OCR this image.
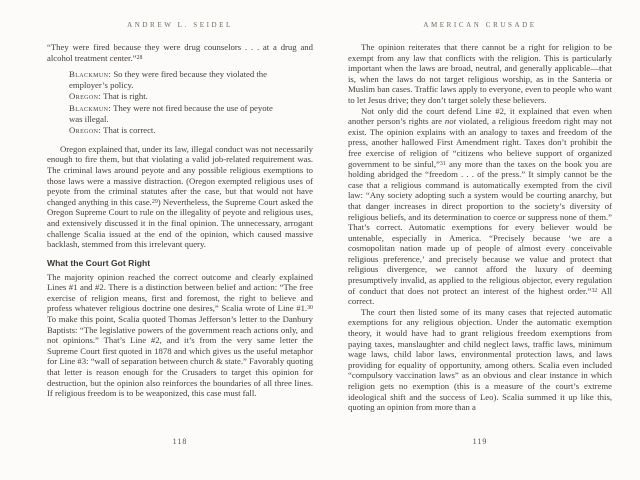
ANDREW L. SEIDEL

“They were fired because they were drug counselors . . . at a drug and alcohol treatment center.”$^{28}$

Blackmun: So they were fired because they violated the employer’s policy.
Oregon: That is right.
Blackmun: They were not fired because the use of peyote was illegal.
Oregon: That is correct.

Oregon explained that, under its law, illegal conduct was not necessarily enough to fire them, but that violating a valid job-related requirement was. The criminal laws around peyote and any possible religious exemptions to those laws were a massive distraction. (Oregon exempted religious uses of peyote from the criminal statutes after the case, but that would not have changed anything in this case.$^{29}$) Nevertheless, the Supreme Court asked the Oregon Supreme Court to rule on the illegality of peyote and religious uses, and extensively discussed it in the final opinion. The unnecessary, arrogant challenge Scalia issued at the end of the opinion, which caused massive backlash, stemmed from this irrelevant query.

What the Court Got Right

The majority opinion reached the correct outcome and clearly explained Lines #1 and #2. There is a distinction between belief and action: “The free exercise of religion means, first and foremost, the right to believe and profess whatever religious doctrine one desires,” Scalia wrote of Line #1.30 To make this point, Scalia quoted Thomas Jefferson’s letter to the Danbury Baptists: “The legislative powers of the government reach actions only, and not opinions.” That’s Line #2, and it’s from the very same letter the Supreme Court first quoted in 1878 and which gives us the useful metaphor for Line #3: “wall of separation between church & state.” Favorably quoting that letter is reason enough for the Crusaders to target this opinion for destruction, but the opinion also reinforces the boundaries of all three lines. If religious freedom is to be weaponized, this case must fall.

118
AMERICAN CRUSADE

The opinion reiterates that there cannot be a right for religion to be exempt from any law that conflicts with the religion. This is particularly important when the laws are broad, neutral, and generally applicable—that is, when the laws do not target religious worship, as in the Santeria or Muslim ban cases. Traffic laws apply to everyone, even to people who want to let Jesus drive; they don’t target solely these believers.

Not only did the court defend Line #2, it explained that even when another person’s rights are not violated, a religious freedom right may not exist. The opinion explains with an analogy to taxes and freedom of the press, another hallowed First Amendment right. Taxes don’t prohibit the free exercise of religion of “citizens who believe support of organized government to be sinful,”$^{31}$ any more than the taxes on the book you are holding abridged the “freedom . . . of the press.” It simply cannot be the case that a religious command is automatically exempted from the civil law: “Any society adopting such a system would be courting anarchy, but that danger increases in direct proportion to the society’s diversity of religious beliefs, and its determination to coerce or suppress none of them.” That’s correct. Automatic exemptions for every believer would be untenable, especially in America. “Precisely because ‘we are a cosmopolitan nation made up of people of almost every conceivable religious preference,’ and precisely because we value and protect that religious divergence, we cannot afford the luxury of deeming presumptively invalid, as applied to the religious objector, every regulation of conduct that does not protect an interest of the highest order.”$^{32}$ All correct.

The court then listed some of its many cases that rejected automatic exemptions for any religious objection. Under the automatic exemption theory, it would have had to grant religious freedom exemptions from paying taxes, manslaughter and child neglect laws, traffic laws, minimum wage laws, child labor laws, environmental protection laws, and laws providing for equality of opportunity, among others. Scalia even included “compulsory vaccination laws” as an obvious and clear instance in which religion gets no exemption (this is a measure of the court’s extreme ideological shift and the success of Leo). Scalia summed it up like this, quoting an opinion from more than a

119
